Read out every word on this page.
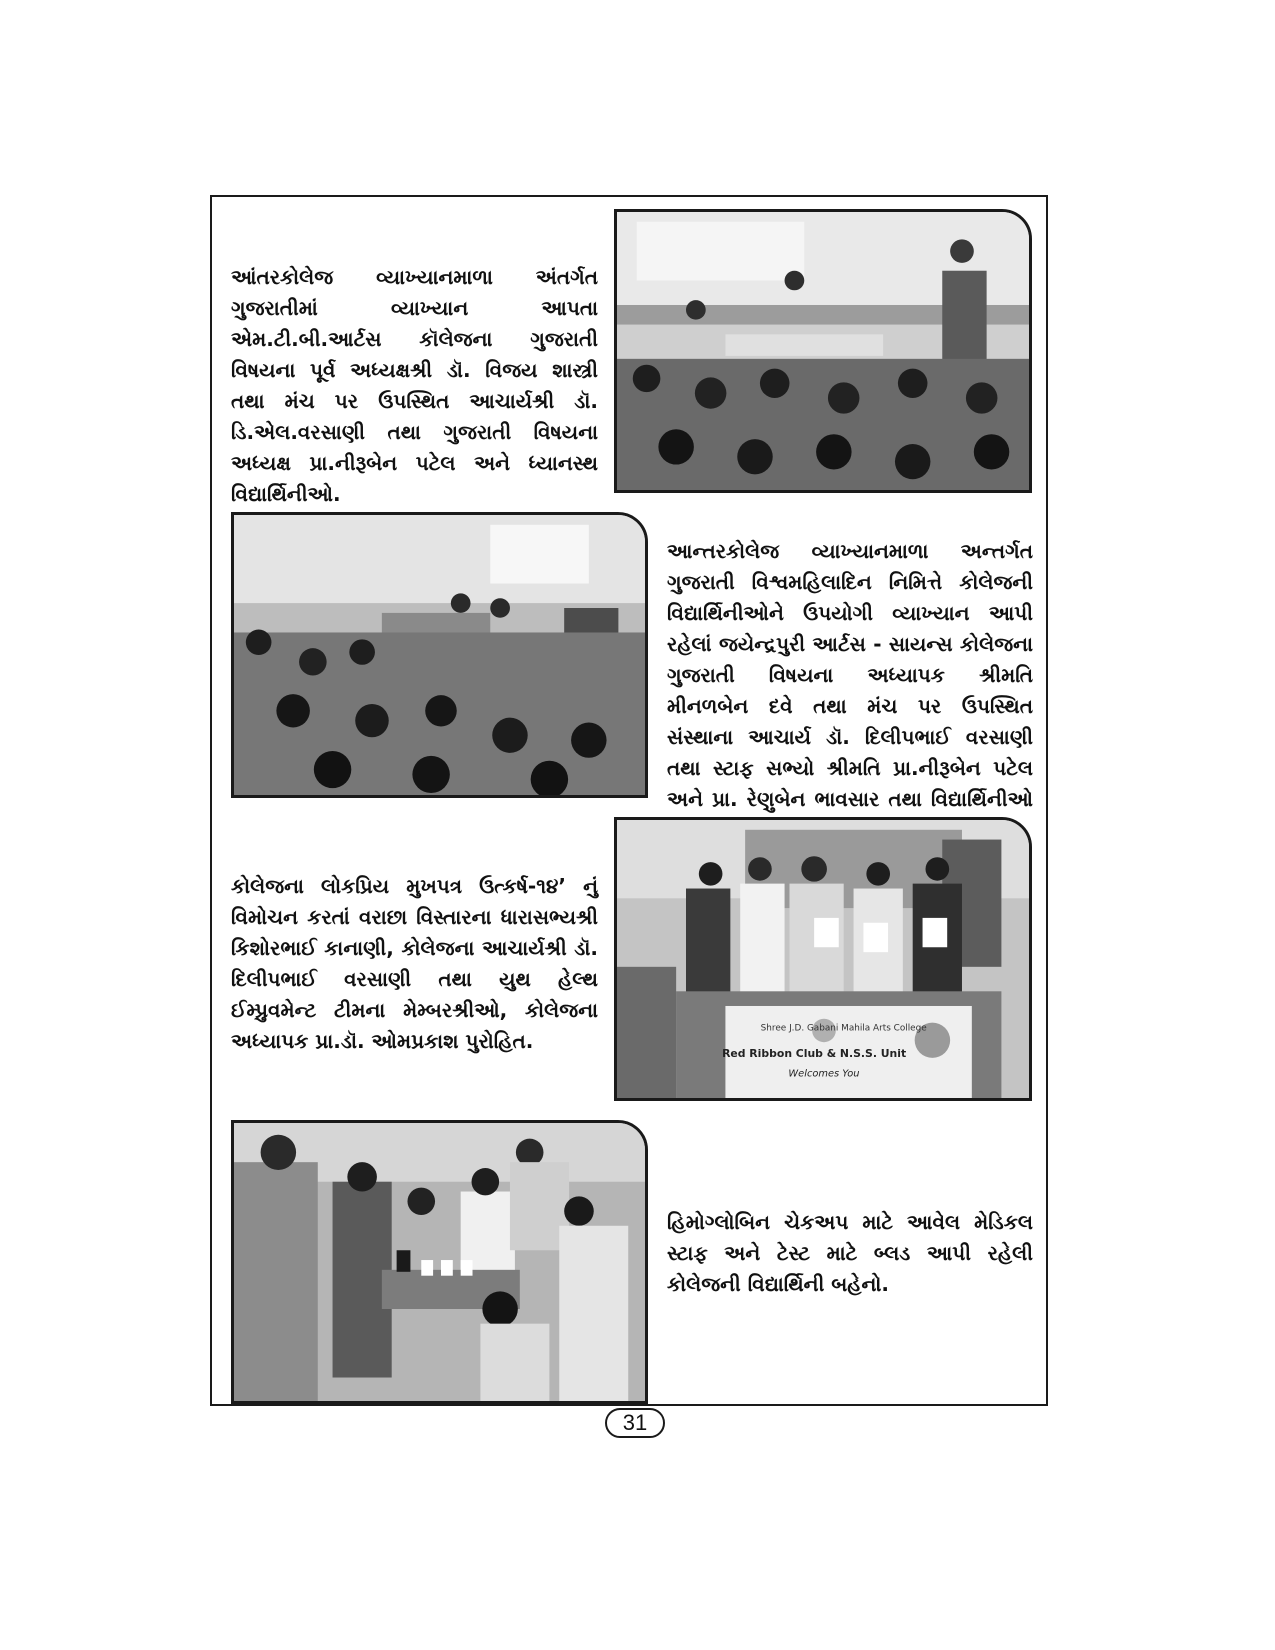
આંતરકોલેજ વ્યાખ્યાનમાળા અંતર્ગત ગુજરાતીમાં વ્યાખ્યાન આપતા એમ.ટી.બી.આર્ટસ કૉલેજના ગુજરાતી વિષયના પૂર્વ અધ્યક્ષશ્રી ડૉ. વિજય શાસ્ત્રી તથા મંચ પર ઉપસ્થિત આચાર્યશ્રી ડૉ. ડિ.એલ.વરસાણી તથા ગુજરાતી વિષયના અધ્યક્ષ પ્રા.નીરૂબેન પટેલ અને ધ્યાનસ્થ વિદ્યાર્થિનીઓ.

આન્તરકોલેજ વ્યાખ્યાનમાળા અન્તર્ગત ગુજરાતી વિશ્વમહિલાદિન નિમિત્તે કોલેજની વિદ્યાર્થિનીઓને ઉપયોગી વ્યાખ્યાન આપી રહેલાં જયેન્દ્રપુરી આર્ટસ - સાયન્સ કોલેજના ગુજરાતી વિષયના અધ્યાપક શ્રીમતિ મીનળબેન દવે તથા મંચ પર ઉપસ્થિત સંસ્થાના આચાર્ય ડૉ. દિલીપભાઈ વરસાણી તથા સ્ટાફ સભ્યો શ્રીમતિ પ્રા.નીરૂબેન પટેલ અને પ્રા. રેણુબેન ભાવસાર તથા વિદ્યાર્થિનીઓ

કોલેજના લોકપ્રિય મુખપત્ર ઉત્કર્ષ-૧૪’ નું વિમોચન કરતાં વરાછા વિસ્તારના ધારાસભ્યશ્રી કિશોરભાઈ કાનાણી, કોલેજના આચાર્યશ્રી ડૉ. દિલીપભાઈ વરસાણી તથા યુથ હેલ્થ ઈમ્પ્રુવમેન્ટ ટીમના મેમ્બરશ્રીઓ, કોલેજના અધ્યાપક પ્રા.ડૉ. ઓમપ્રકાશ પુરોહિત.

Shree J.D. Gabani Mahila Arts College
Red Ribbon Club & N.S.S. Unit
Welcomes You

હિમોગ્લોબિન ચેકઅપ માટે આવેલ મેડિકલ સ્ટાફ અને ટેસ્ટ માટે બ્લડ આપી રહેલી કોલેજની વિદ્યાર્થિની બહેનો.

31
